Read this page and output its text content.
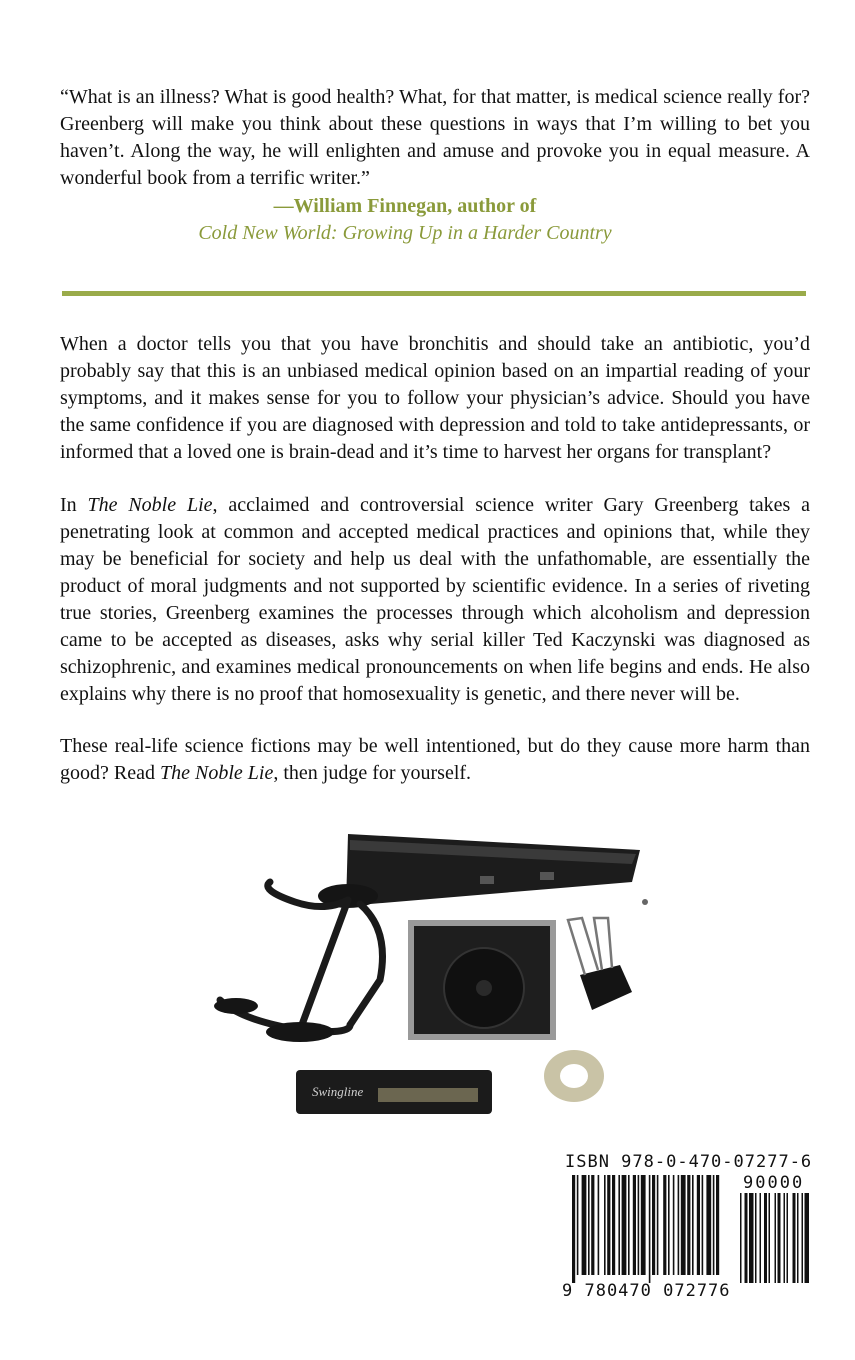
“What is an illness? What is good health? What, for that matter, is medical science really for? Greenberg will make you think about these questions in ways that I’m willing to bet you haven’t. Along the way, he will enlighten and amuse and provoke you in equal measure. A wonderful book from a terrific writer.”

—William Finnegan, author of
Cold New World: Growing Up in a Harder Country

When a doctor tells you that you have bronchitis and should take an antibiotic, you’d probably say that this is an unbiased medical opinion based on an impartial reading of your symptoms, and it makes sense for you to follow your physician’s advice. Should you have the same confidence if you are diagnosed with depression and told to take antidepressants, or informed that a loved one is brain-dead and it’s time to harvest her organs for transplant?

In The Noble Lie, acclaimed and controversial science writer Gary Greenberg takes a penetrating look at common and accepted medical practices and opinions that, while they may be beneficial for society and help us deal with the unfathomable, are essentially the product of moral judgments and not supported by scientific evidence. In a series of riveting true stories, Greenberg examines the processes through which alcoholism and depression came to be accepted as diseases, asks why serial killer Ted Kaczynski was diagnosed as schizophrenic, and examines medical pronouncements on when life begins and ends. He also explains why there is no proof that homosexuality is genetic, and there never will be.

These real-life science fictions may be well intentioned, but do they cause more harm than good? Read The Noble Lie, then judge for yourself.

Swingline
ISBN 978-0-470-07277-6
90000
9 780470 072776
